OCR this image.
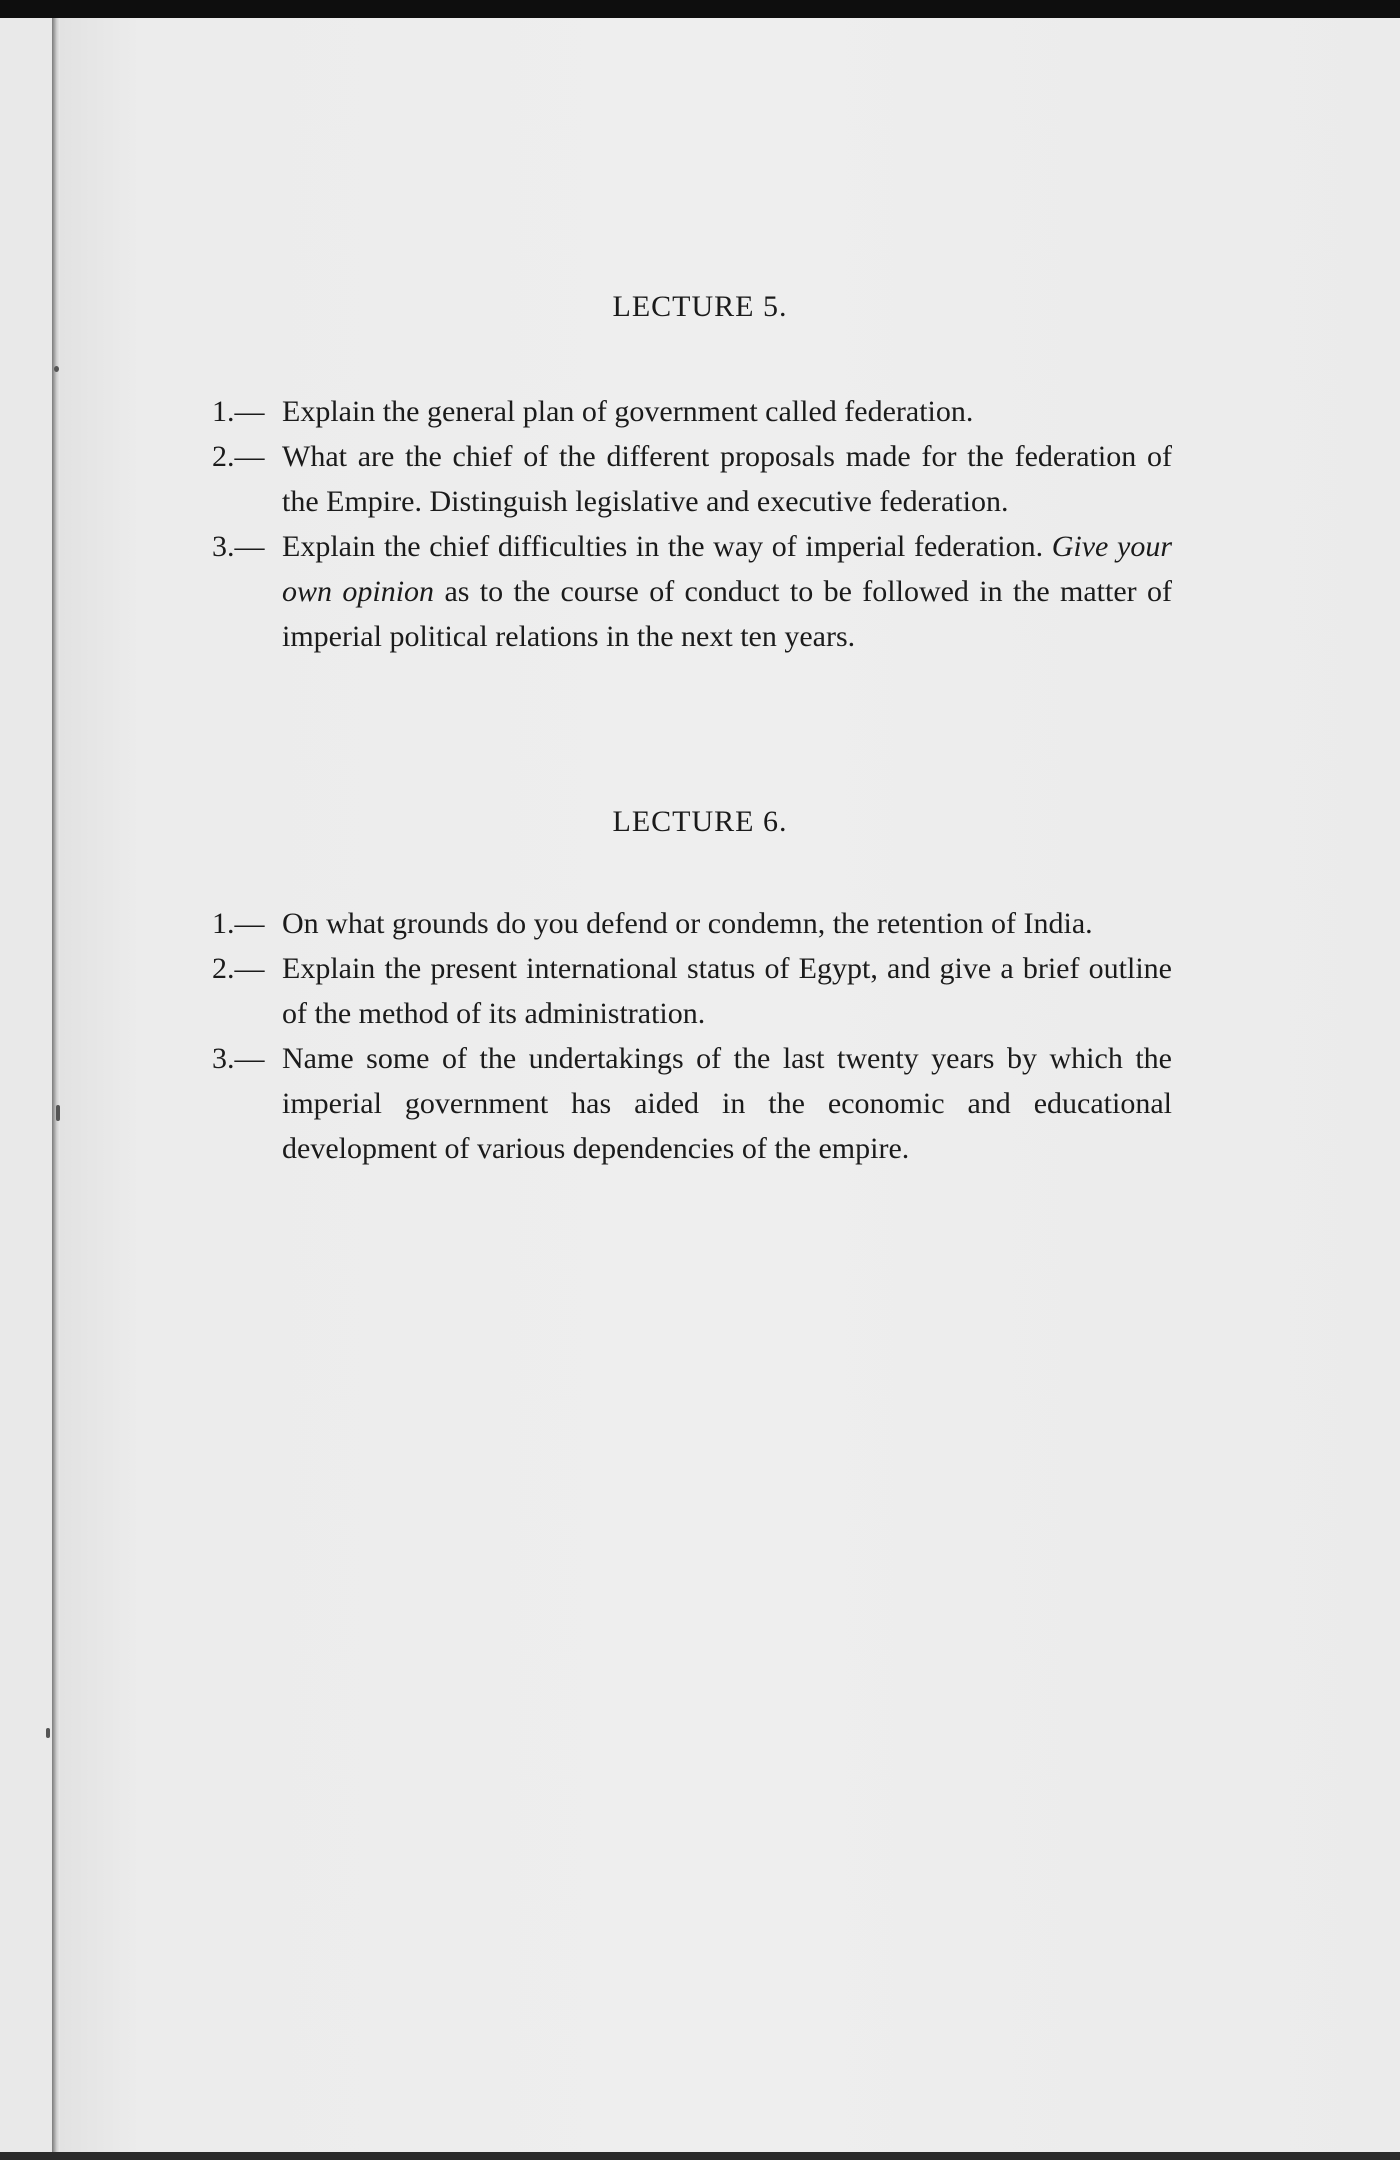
LECTURE 5.
1.— Explain the general plan of government called federation.
2.— What are the chief of the different proposals made for the federation of the Empire. Distinguish legislative and executive federation.
3.— Explain the chief difficulties in the way of imperial federation. Give your own opinion as to the course of conduct to be followed in the matter of imperial political relations in the next ten years.
LECTURE 6.
1.— On what grounds do you defend or condemn, the retention of India.
2.— Explain the present international status of Egypt, and give a brief outline of the method of its administration.
3.— Name some of the undertakings of the last twenty years by which the imperial government has aided in the economic and educational development of various dependencies of the empire.
